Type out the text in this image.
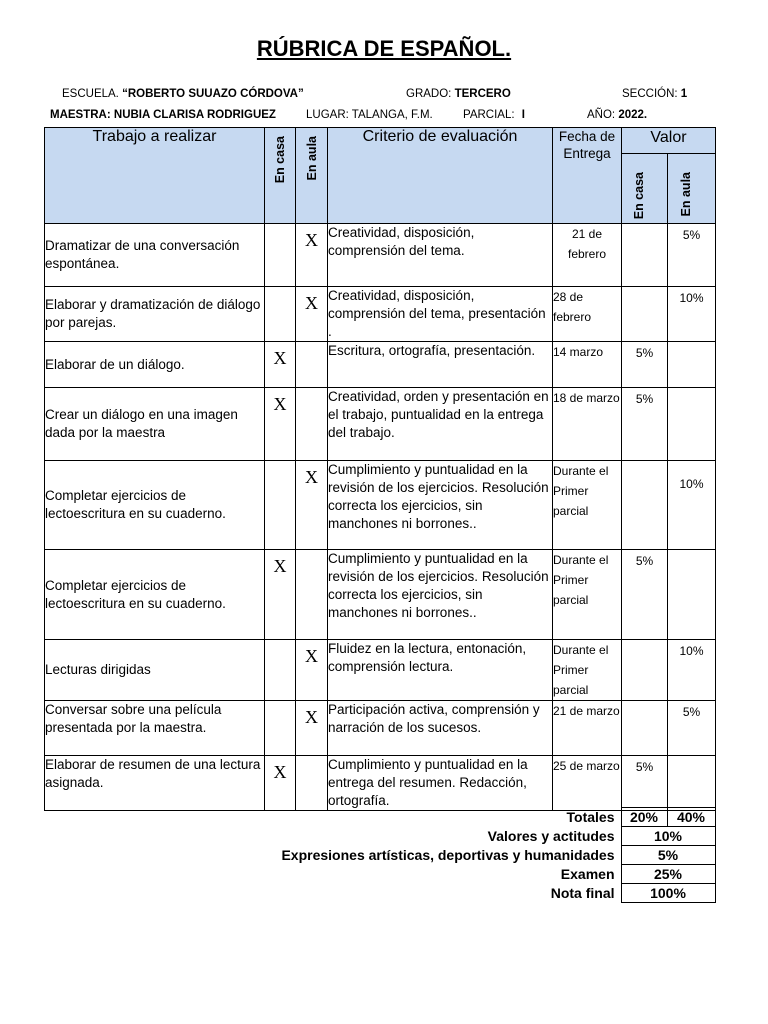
RÚBRICA DE ESPAÑOL.
ESCUELA. “ROBERTO SUUAZO CÓRDOVA”	GRADO: TERCERO	SECCIÓN: 1
MAESTRA: NUBIA CLARISA RODRIGUEZ	LUGAR: TALANGA, F.M.	PARCIAL: I	AÑO: 2022.
Trabajo a realizar	En casa	En aula	Criterio de evaluación	Fecha de Entrega	Valor	

					En casa	En aula

Dramatizar de una conversación espontánea.		X	Creatividad, disposición, comprensión del tema.	21 de febrero		5%
Elaborar y dramatización de diálogo por parejas.		X	Creatividad, disposición, comprensión del tema, presentación .	28 de febrero		10%
Elaborar de un diálogo.	X		Escritura, ortografía, presentación.	14 marzo	5%	
Crear un diálogo en una imagen dada por la maestra	X		Creatividad, orden y presentación en el trabajo, puntualidad en la entrega del trabajo.	18 de marzo	5%	
Completar ejercicios de lectoescritura en su cuaderno.		X	Cumplimiento y puntualidad en la revisión de los ejercicios. Resolución correcta los ejercicios, sin manchones ni borrones..	Durante el Primer parcial		10%
Completar ejercicios de lectoescritura en su cuaderno.	X		Cumplimiento y puntualidad en la revisión de los ejercicios. Resolución correcta los ejercicios, sin manchones ni borrones..	Durante el Primer parcial	5%	
Lecturas dirigidas		X	Fluidez en la lectura, entonación, comprensión lectura.	Durante el Primer parcial		10%
Conversar sobre una película presentada por la maestra.		X	Participación activa, comprensión y narración de los sucesos.	21 de marzo		5%
Elaborar de resumen de una lectura asignada.	X		Cumplimiento y puntualidad en la entrega del resumen. Redacción, ortografía.	25 de marzo	5%	
Totales	20%	40%
Valores y actitudes	10%	
Expresiones artísticas, deportivas y humanidades	5%	
Examen	25%	
Nota final	100%	
